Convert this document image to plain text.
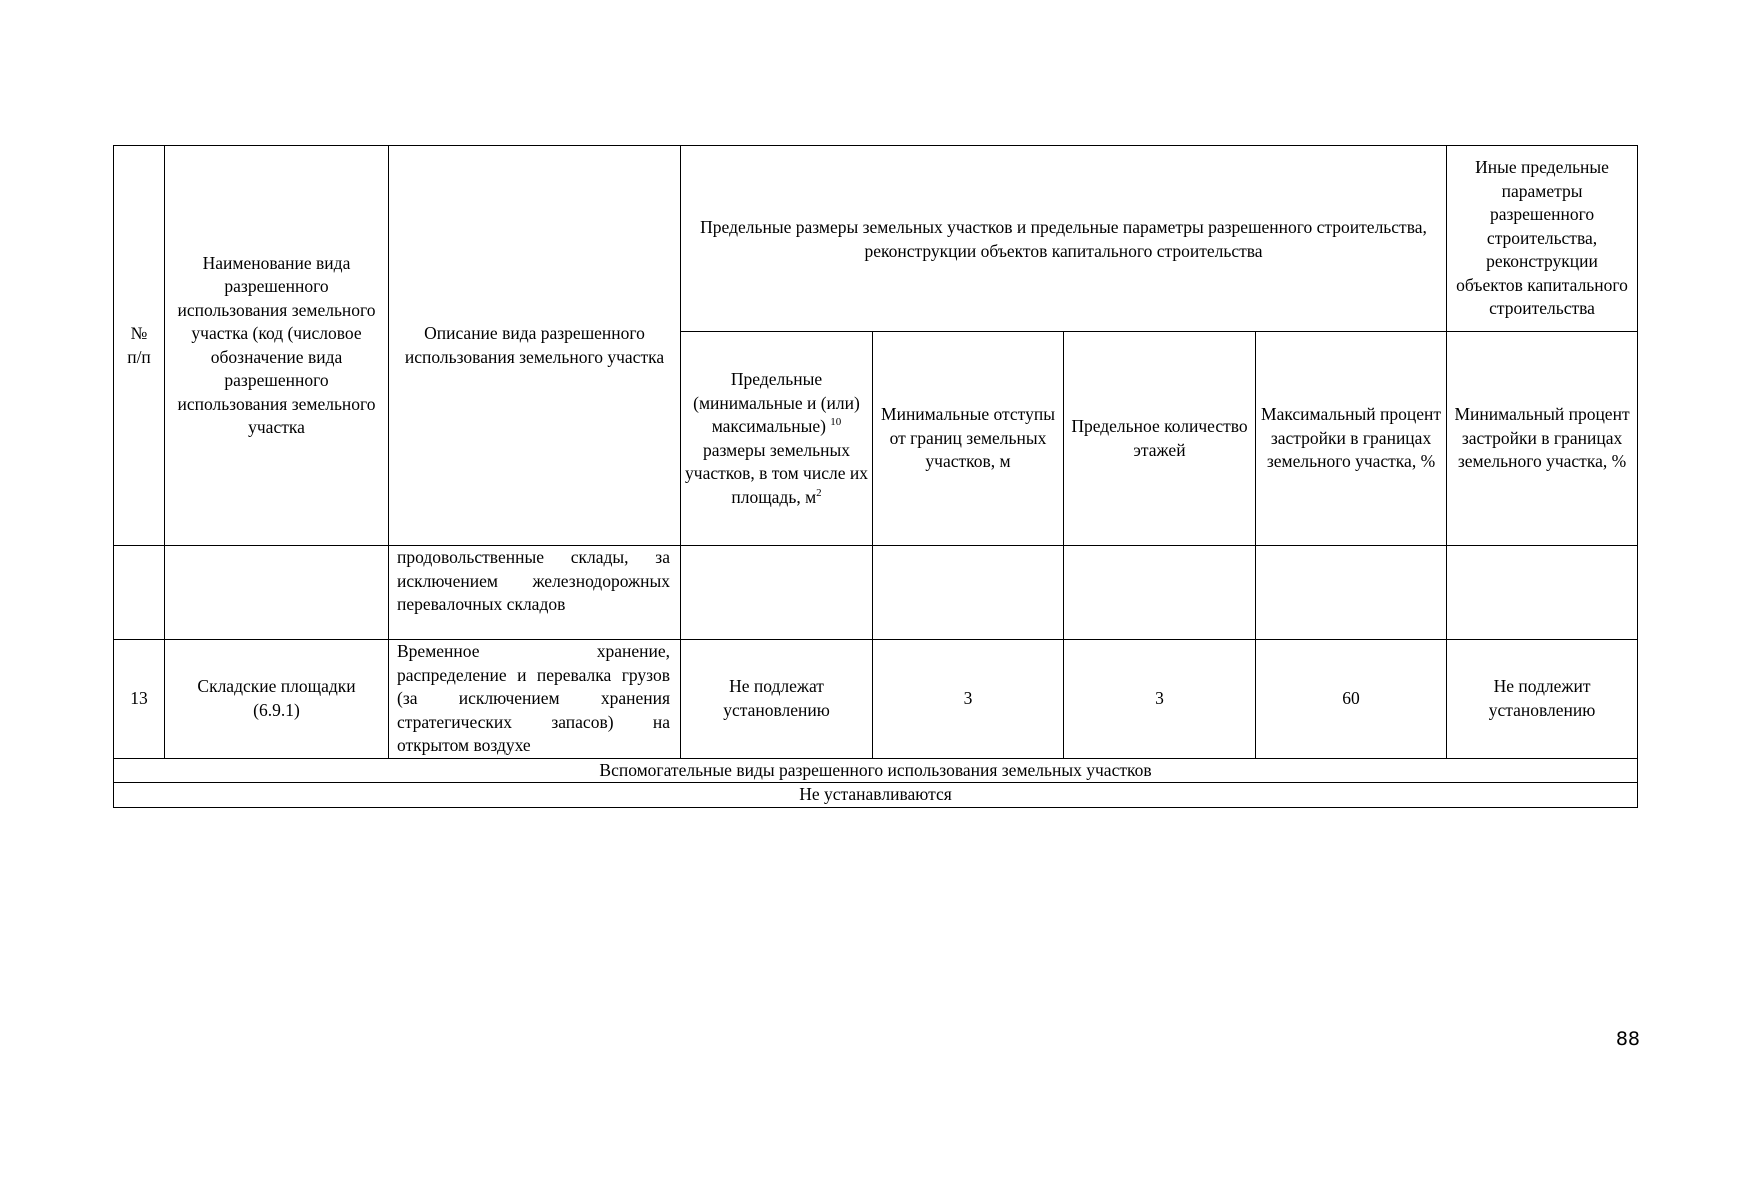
№
п/п	Наименование вида разрешенного использования земельного участка (код (числовое обозначение вида разрешенного использования земельного участка	Описание вида разрешенного использования земельного участка	Предельные размеры земельных участков и предельные параметры разрешенного строительства, реконструкции объектов капитального строительства				Иные предельные параметры разрешенного строительства, реконструкции объектов капитального строительства
			Предельные (минимальные и (или) максимальные) $^{10}$ размеры земельных участков, в том числе их площадь, $м^2$	Минимальные отступы от границ земельных участков, м	Предельное количество этажей	Максимальный процент застройки в границах земельного участка, %	Минимальный процент застройки в границах земельного участка, %
		продовольственные склады, за исключением железнодорожных перевалочных складов					
13	Складские площадки (6.9.1)	Временное хранение, распределение и перевалка грузов (за исключением хранения стратегических запасов) на открытом воздухе	Не подлежат установлению	3	3	60	Не подлежит установлению
Вспомогательные виды разрешенного использования земельных участков							
Не устанавливаются							
88
